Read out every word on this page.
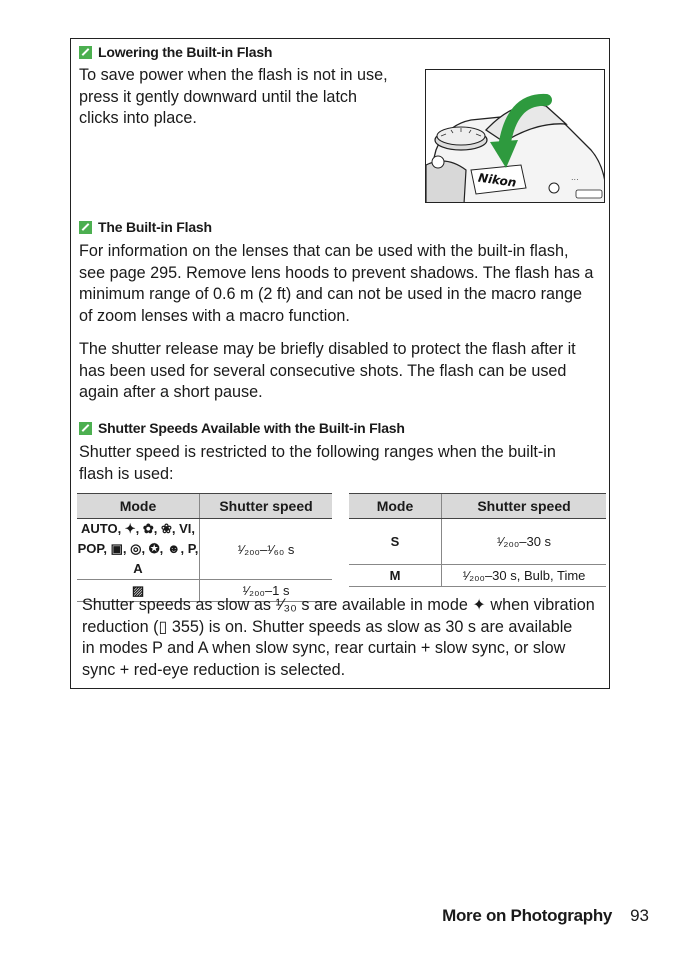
Lowering the Built-in Flash
To save power when the flash is not in use,
press it gently downward until the latch
clicks into place.
Nikon	...
The Built-in Flash
For information on the lenses that can be used with the built-in flash,
see page 295. Remove lens hoods to prevent shadows. The flash has a
minimum range of 0.6 m (2 ft) and can not be used in the macro range
of zoom lenses with a macro function.
The shutter release may be briefly disabled to protect the flash after it
has been used for several consecutive shots. The flash can be used
again after a short pause.
Shutter Speeds Available with the Built-in Flash
Shutter speed is restricted to the following ranges when the built-in
flash is used:
Mode	Shutter speed

AUTO, ✦, ✿, ❀, VI,
POP, ▣, ◎, ✪, ☻, P, A	¹⁄₂₀₀–¹⁄₆₀ s
▨	¹⁄₂₀₀–1 s
Mode	Shutter speed
S	¹⁄₂₀₀–30 s
M	¹⁄₂₀₀–30 s, Bulb, Time
Shutter speeds as slow as ¹⁄₃₀ s are available in mode ✦ when vibration
reduction (▯ 355) is on. Shutter speeds as slow as 30 s are available
in modes P and A when slow sync, rear curtain + slow sync, or slow
sync + red-eye reduction is selected.
More on Photography 93
